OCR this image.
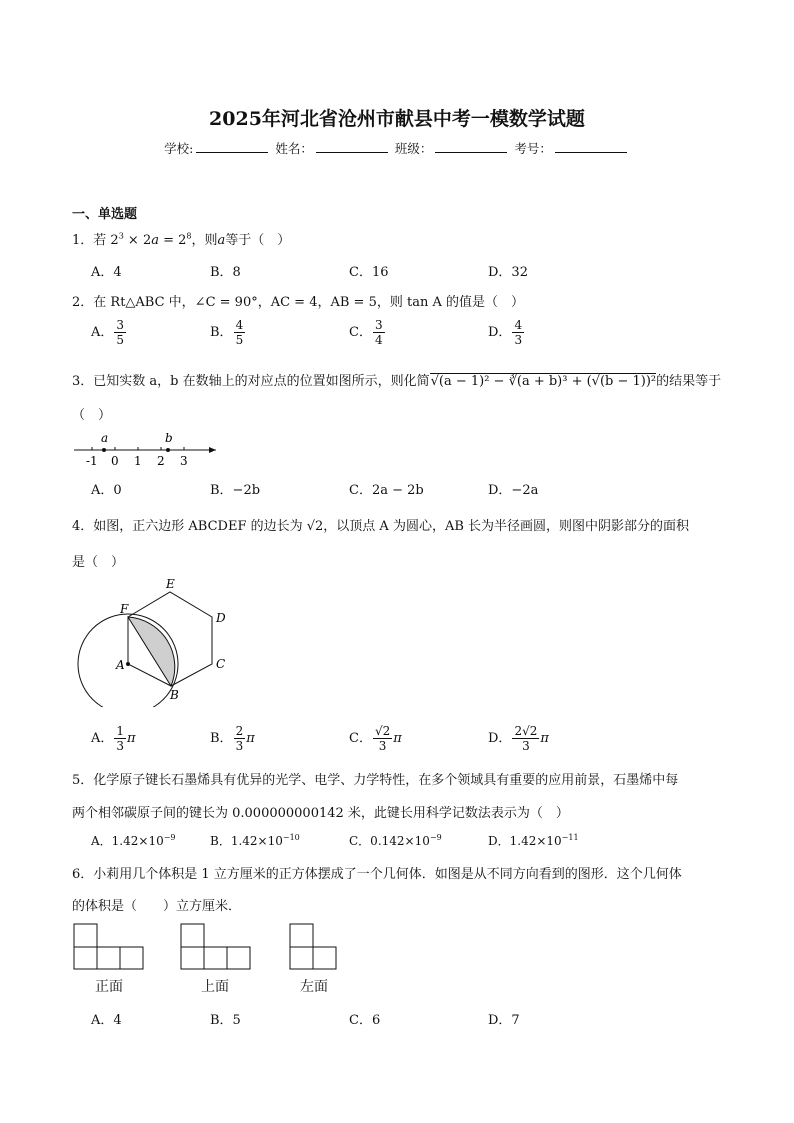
2025年河北省沧州市献县中考一模数学试题
学校:	姓名：	班级：	考号：
一、单选题
1．若 $2^3 \times 2a = 2^8$，则a等于（　）
A．4	B．8	C．16	D．32
2．在 Rt△ABC 中，∠C = 90°，AC = 4，AB = 5，则 tan A 的值是（　）
A． $\frac{3}{5}$	B． $\frac{4}{5}$	C． $\frac{3}{4}$	D． $\frac{4}{3}$
3．已知实数 a，b 在数轴上的对应点的位置如图所示，则化简√(a − 1)² − ∛(a + b)³ + (√(b − 1))²的结果等于
（　）
a	b
-1 0 1 2 3
A．0	B．−2b	C．2a − 2b	D．−2a
4．如图，正六边形 ABCDEF 的边长为 √2，以顶点 A 为圆心，AB 长为半径画圆，则图中阴影部分的面积
是（　）
A
B
C
D
E
F
A． $\frac{1}{3}$ π	B． $\frac{2}{3}$ π	C． $\frac{√2}{3}$ π	D． $\frac{2√2}{3}$ π
5．化学原子键长石墨烯具有优异的光学、电学、力学特性，在多个领域具有重要的应用前景，石墨烯中每
两个相邻碳原子间的键长为 0.000000000142 米，此键长用科学记数法表示为（　）
A．$1.42\times 10^{-9}$	B．$1.42\times 10^{-10}$	C．$0.142\times 10^{-9}$	D．$1.42\times 10^{-11}$
6．小莉用几个体积是 1 立方厘米的正方体摆成了一个几何体．如图是从不同方向看到的图形．这个几何体
的体积是（　　）立方厘米．
正面	上面	左面
A．4	B．5	C．6	D．7
